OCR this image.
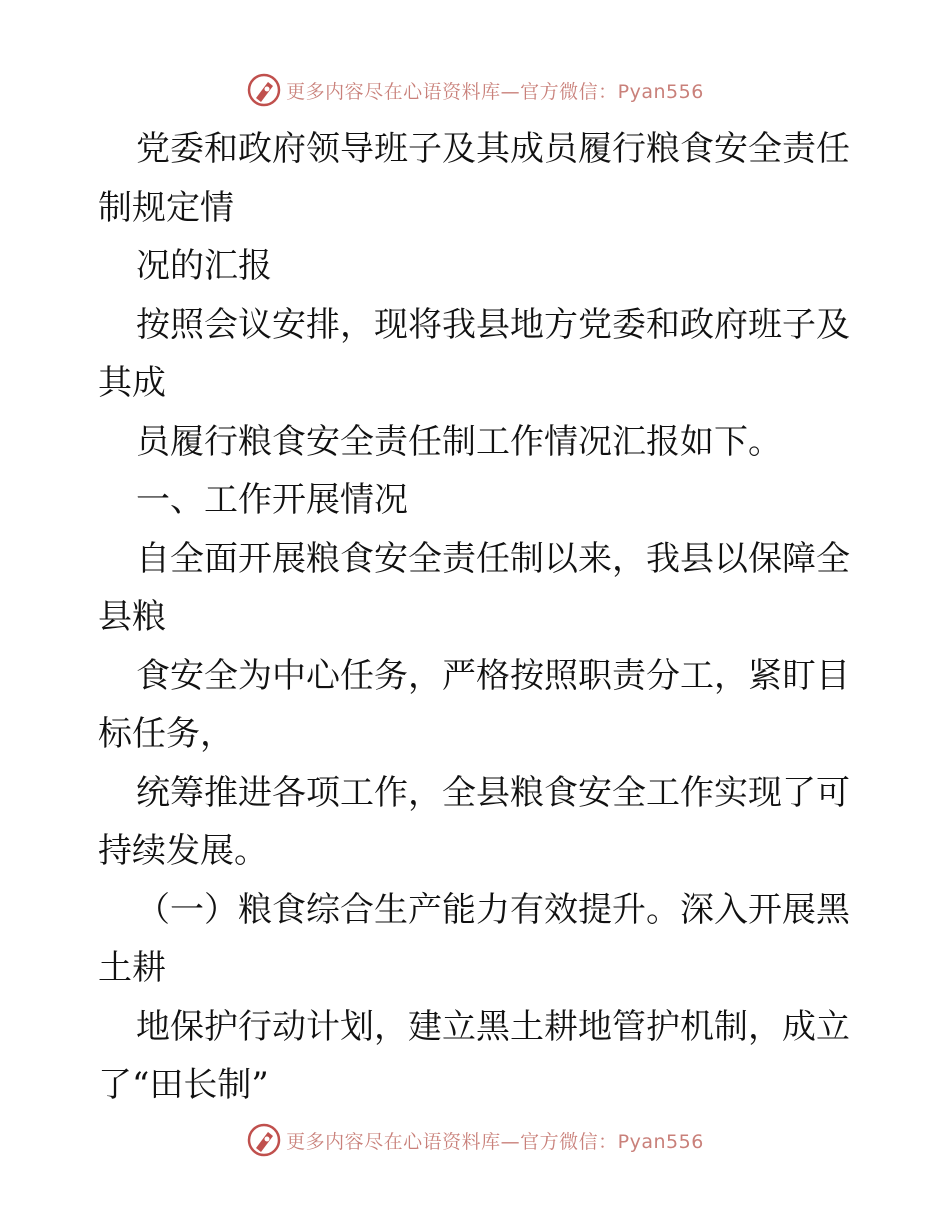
更多内容尽在心语资料库—官方微信：Pyan556

党委和政府领导班子及其成员履行粮食安全责任

制规定情

况的汇报

按照会议安排，现将我县地方党委和政府班子及

其成

员履行粮食安全责任制工作情况汇报如下。

一、工作开展情况

自全面开展粮食安全责任制以来，我县以保障全

县粮

食安全为中心任务，严格按照职责分工，紧盯目

标任务，

统筹推进各项工作，全县粮食安全工作实现了可

持续发展。

（一）粮食综合生产能力有效提升。深入开展黑

土耕

地保护行动计划，建立黑土耕地管护机制，成立

了“田长制”

更多内容尽在心语资料库—官方微信：Pyan556
